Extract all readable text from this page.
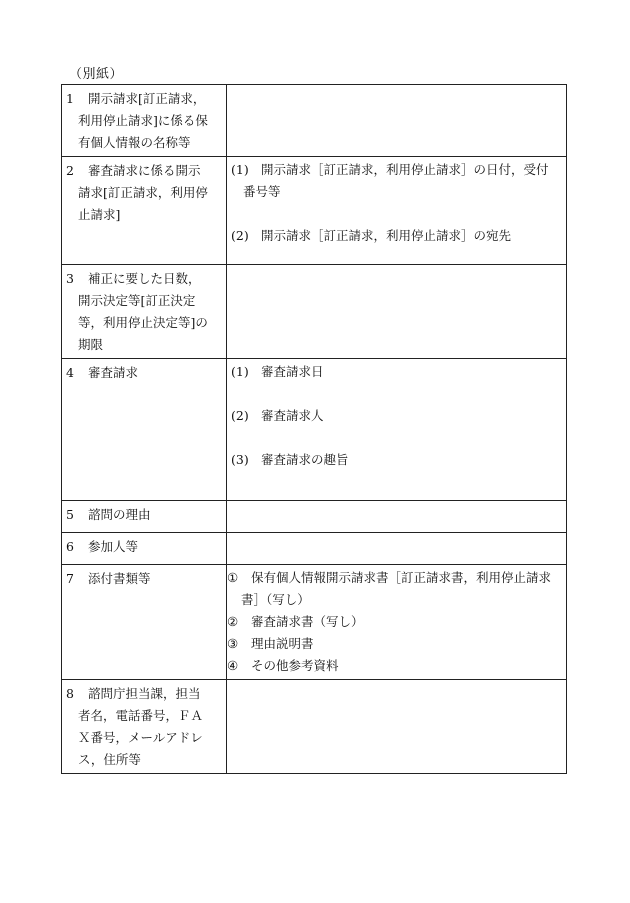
（別紙）
1 開示請求[訂正請求，
利用停止請求]に係る保
有個人情報の名称等	

2 審査請求に係る開示
請求[訂正請求，利用停
止請求]	(1) 開示請求［訂正請求，利用停止請求］の日付，受付
番号等
(2) 開示請求［訂正請求，利用停止請求］の宛先

3 補正に要した日数，
開示決定等[訂正決定
等，利用停止決定等]の
期限	

4 審査請求	(1) 審査請求日
(2) 審査請求人
(3) 審査請求の趣旨

5 諮問の理由	

6 参加人等	

7 添付書類等	① 保有個人情報開示請求書［訂正請求書，利用停止請求
書］（写し）
② 審査請求書（写し）
③ 理由説明書
④ その他参考資料

8 諮問庁担当課，担当
者名，電話番号，ＦＡ
Ｘ番号，メールアドレ
ス，住所等	
